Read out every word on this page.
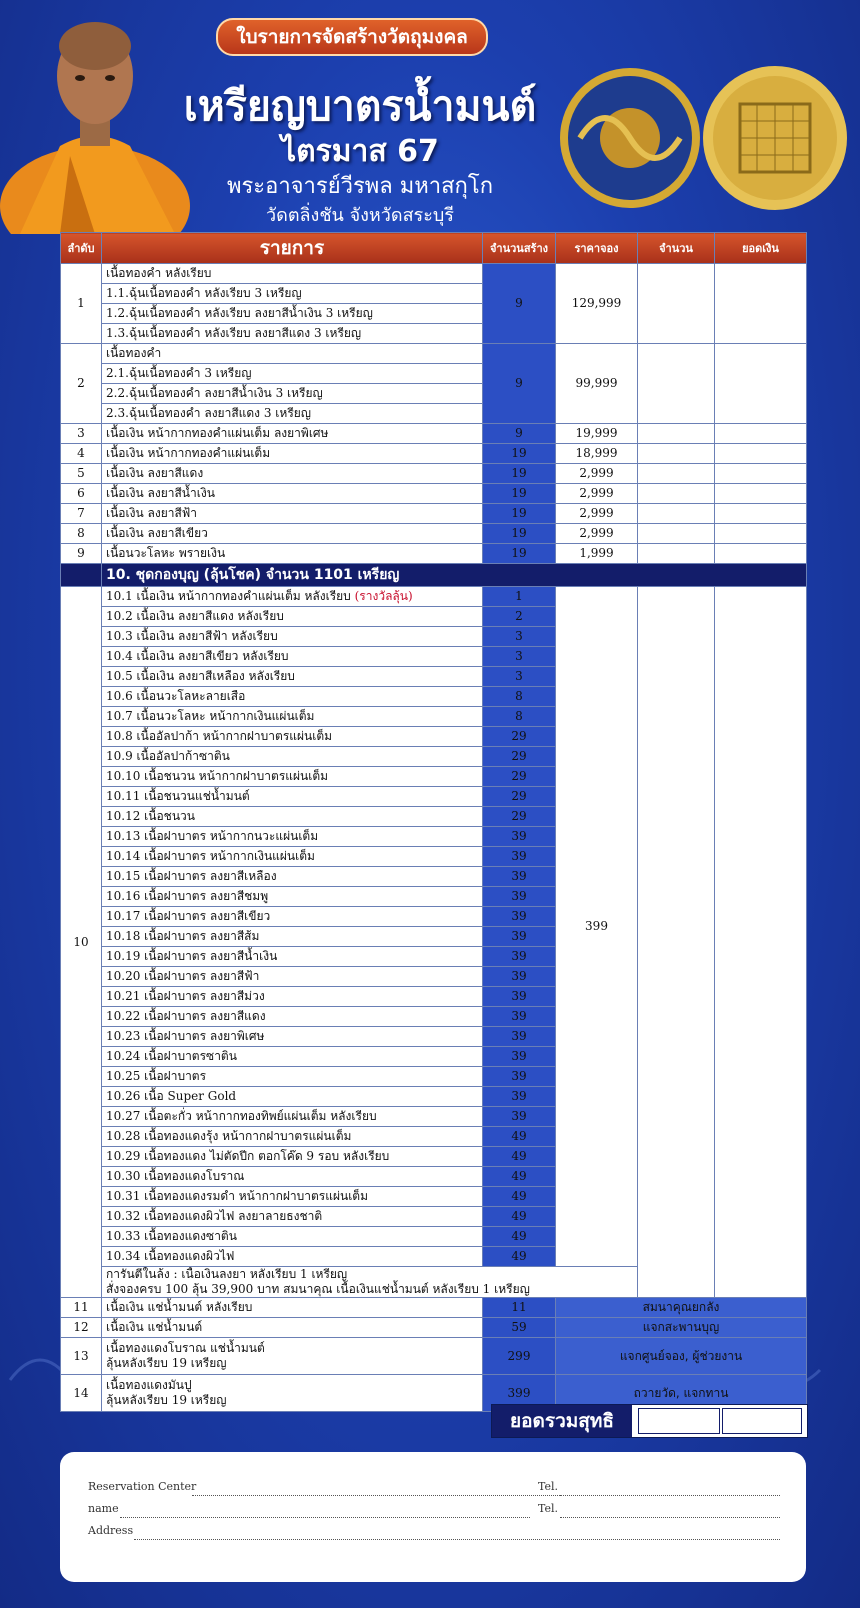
ใบรายการจัดสร้างวัตถุมงคล
เหรียญบาตรน้ำมนต์
ไตรมาส 67
พระอาจารย์วีรพล มหาสกุโก
วัดตลิ่งชัน จังหวัดสระบุรี
ลำดับ	รายการ	จำนวนสร้าง	ราคาจอง	จำนวน	ยอดเงิน
1	เนื้อทองคำ หลังเรียบ	9	129,999		
	1.1.ฉุ้นเนื้อทองคำ หลังเรียบ 3 เหรียญ				
	1.2.ฉุ้นเนื้อทองคำ หลังเรียบ ลงยาสีน้ำเงิน 3 เหรียญ				
	1.3.ฉุ้นเนื้อทองคำ หลังเรียบ ลงยาสีแดง 3 เหรียญ				
2	เนื้อทองคำ	9	99,999		
	2.1.ฉุ้นเนื้อทองคำ 3 เหรียญ				
	2.2.ฉุ้นเนื้อทองคำ ลงยาสีน้ำเงิน 3 เหรียญ				
	2.3.ฉุ้นเนื้อทองคำ ลงยาสีแดง 3 เหรียญ				
3	เนื้อเงิน หน้ากากทองคำแผ่นเต็ม ลงยาพิเศษ	9	19,999		
4	เนื้อเงิน หน้ากากทองคำแผ่นเต็ม	19	18,999		
5	เนื้อเงิน ลงยาสีแดง	19	2,999		
6	เนื้อเงิน ลงยาสีน้ำเงิน	19	2,999		
7	เนื้อเงิน ลงยาสีฟ้า	19	2,999		
8	เนื้อเงิน ลงยาสีเขียว	19	2,999		
9	เนื้อนวะโลหะ พรายเงิน	19	1,999		
	10. ชุดกองบุญ (ลุ้นโชค) จำนวน 1101 เหรียญ				
10	10.1 เนื้อเงิน หน้ากากทองคำแผ่นเต็ม หลังเรียบ (รางวัลลุ้น)	1	399		
	10.2 เนื้อเงิน ลงยาสีแดง หลังเรียบ	2			
	10.3 เนื้อเงิน ลงยาสีฟ้า หลังเรียบ	3			
	10.4 เนื้อเงิน ลงยาสีเขียว หลังเรียบ	3			
	10.5 เนื้อเงิน ลงยาสีเหลือง หลังเรียบ	3			
	10.6 เนื้อนวะโลหะลายเสือ	8			
	10.7 เนื้อนวะโลหะ หน้ากากเงินแผ่นเต็ม	8			
	10.8 เนื้ออัลปาก้า หน้ากากฝาบาตรแผ่นเต็ม	29			
	10.9 เนื้ออัลปาก้าซาติน	29			
	10.10 เนื้อชนวน หน้ากากฝาบาตรแผ่นเต็ม	29			
	10.11 เนื้อชนวนแช่น้ำมนต์	29			
	10.12 เนื้อชนวน	29			
	10.13 เนื้อฝาบาตร หน้ากากนวะแผ่นเต็ม	39			
	10.14 เนื้อฝาบาตร หน้ากากเงินแผ่นเต็ม	39			
	10.15 เนื้อฝาบาตร ลงยาสีเหลือง	39			
	10.16 เนื้อฝาบาตร ลงยาสีชมพู	39			
	10.17 เนื้อฝาบาตร ลงยาสีเขียว	39			
	10.18 เนื้อฝาบาตร ลงยาสีส้ม	39			
	10.19 เนื้อฝาบาตร ลงยาสีน้ำเงิน	39			
	10.20 เนื้อฝาบาตร ลงยาสีฟ้า	39			
	10.21 เนื้อฝาบาตร ลงยาสีม่วง	39			
	10.22 เนื้อฝาบาตร ลงยาสีแดง	39			
	10.23 เนื้อฝาบาตร ลงยาพิเศษ	39			
	10.24 เนื้อฝาบาตรซาติน	39			
	10.25 เนื้อฝาบาตร	39			
	10.26 เนื้อ Super Gold	39			
	10.27 เนื้อตะกั่ว หน้ากากทองทิพย์แผ่นเต็ม หลังเรียบ	39			
	10.28 เนื้อทองแดงรุ้ง หน้ากากฝาบาตรแผ่นเต็ม	49			
	10.29 เนื้อทองแดง ไม่ตัดปีก ตอกโค๊ด 9 รอบ หลังเรียบ	49			
	10.30 เนื้อทองแดงโบราณ	49			
	10.31 เนื้อทองแดงรมดำ หน้ากากฝาบาตรแผ่นเต็ม	49			
	10.32 เนื้อทองแดงผิวไฟ ลงยาลายธงชาติ	49			
	10.33 เนื้อทองแดงซาติน	49			
	10.34 เนื้อทองแดงผิวไฟ	49			

	การันตีในล้ง : เนื้อเงินลงยา หลังเรียบ 1 เหรียญ
สั่งจองครบ 100 ลุ้น 39,900 บาท สมนาคุณ เนื้อเงินแช่น้ำมนต์ หลังเรียบ 1 เหรียญ				

11	เนื้อเงิน แช่น้ำมนต์ หลังเรียบ	11	สมนาคุณยกลัง		
12	เนื้อเงิน แช่น้ำมนต์	59	แจกสะพานบุญ		
13	เนื้อทองแดงโบราณ แช่น้ำมนต์
ลุ้นหลังเรียบ 19 เหรียญ	299	แจกศูนย์จอง, ผู้ช่วยงาน		
14	เนื้อทองแดงมันปู
ลุ้นหลังเรียบ 19 เหรียญ	399	ถวายวัด, แจกทาน		
ยอดรวมสุทธิ
Reservation Center	Tel.
name	Tel.
Address
